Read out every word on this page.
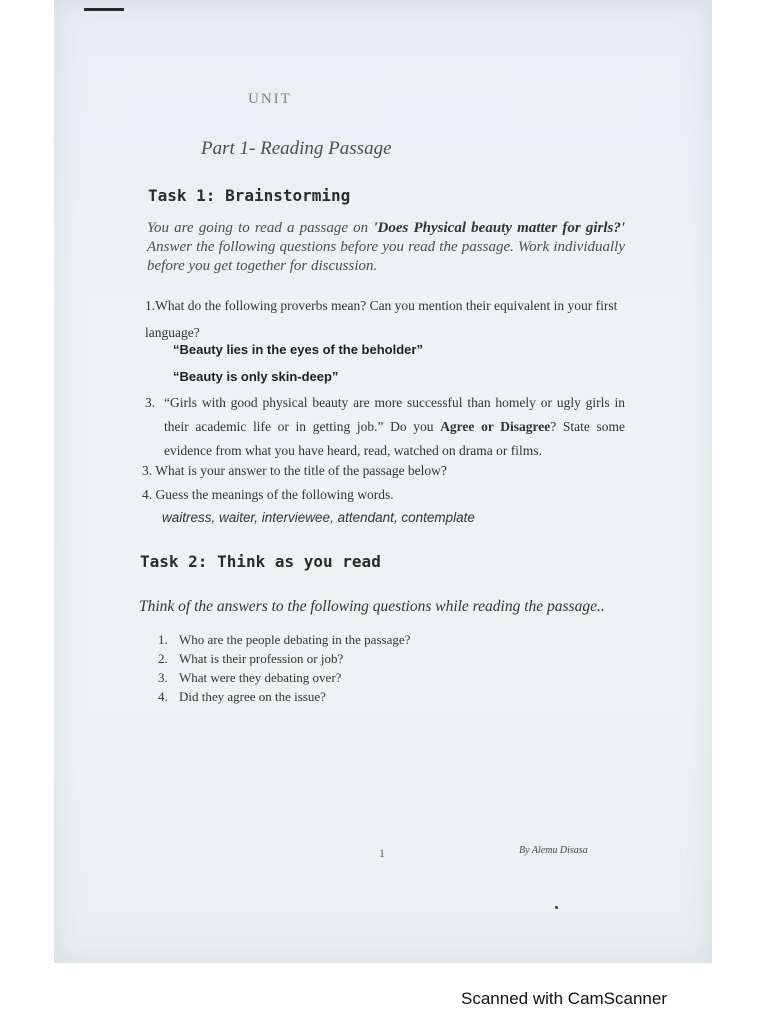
UNIT
Part 1- Reading Passage
Task 1: Brainstorming
You are going to read a passage on 'Does Physical beauty matter for girls?' Answer the following questions before you read the passage. Work individually before you get together for discussion.
1.What do the following proverbs mean? Can you mention their equivalent in your first language?
“Beauty lies in the eyes of the beholder”
“Beauty is only skin-deep”
3. “Girls with good physical beauty are more successful than homely or ugly girls in their academic life or in getting job.” Do you Agree or Disagree? State some evidence from what you have heard, read, watched on drama or films.
3. What is your answer to the title of the passage below?
4. Guess the meanings of the following words.
waitress, waiter, interviewee, attendant, contemplate
Task 2: Think as you read
Think of the answers to the following questions while reading the passage..
1. Who are the people debating in the passage?
2. What is their profession or job?
3. What were they debating over?
4. Did they agree on the issue?
1	By Alemu Disasa
Scanned with CamScanner
